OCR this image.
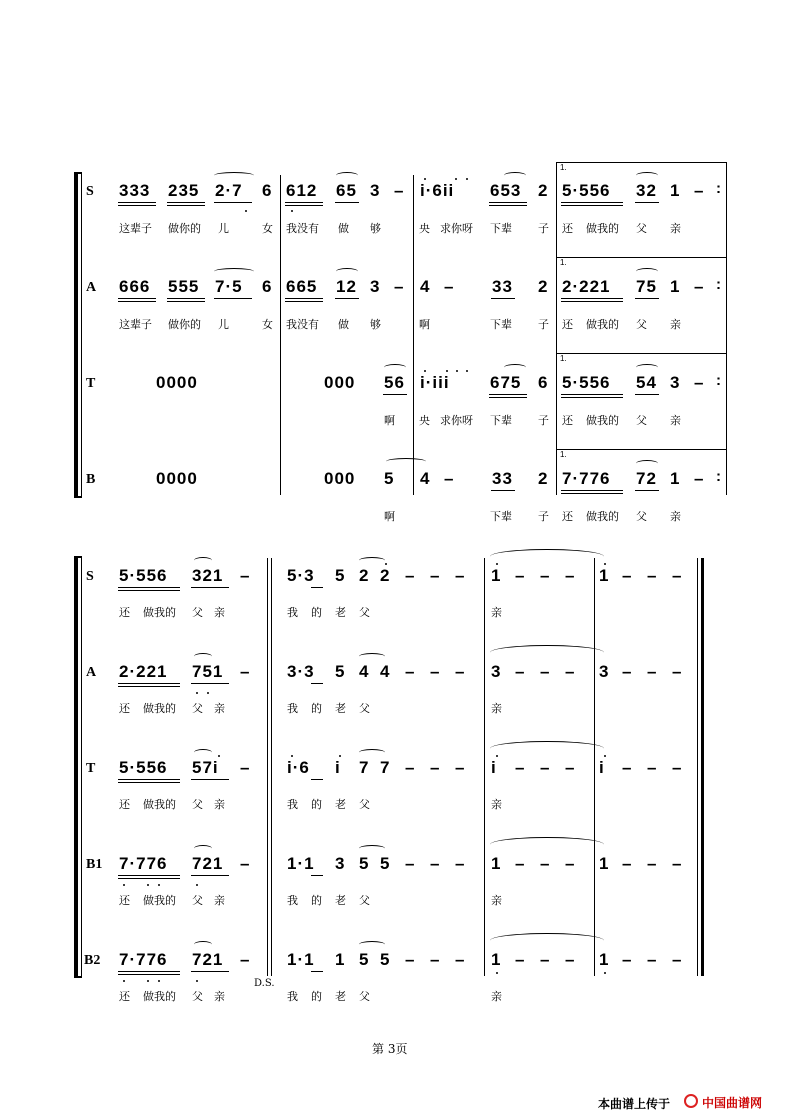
1.
1.
1.
1.
:
:
:
:
S 333 235 2·7 6 612 65 3 – i·6ii 653 2 5·556 32 1 –
这辈子 做你的 儿	女 我没有 做 够	央 求你呀 下辈 子 还 做我的 父 亲
A 666 555 7·5 6 665 12 3 – 4 – 33 2 2·221 75 1 –
这辈子 做你的 儿	女 我没有 做 够	啊	下辈 子 还 做我的 父 亲
T	0000	000 56 i·iii 675 6 5·556 54 3 –
啊 央 求你呀 下辈 子 还 做我的 父 亲
B	0000	000 5 4 – 33 2 7·776 72 1 –
啊	下辈 子 还 做我的 父 亲
S 5·556 321 – 5·3 5 2 2 – – – 1 – – – 1 – – –
还 做我的 父 亲	我 的 老 父	亲
A 2·221 751 – 3·3 5 4 4 – – – 3 – – – 3 – – –
还 做我的 父 亲	我 的 老 父	亲
T 5·556 57i – i·6 i 7 7 – – – i – – – i – – –
还 做我的 父 亲	我 的 老 父	亲
B1 7·776 721 – 1·1 3 5 5 – – – 1 – – – 1 – – –
还 做我的 父 亲	我 的 老 父	亲
B2 7·776 721 – 1·1 1 5 5 – – – 1 – – – 1 – – –
D.S.
还 做我的 父 亲	我 的 老 父	亲
第 3页
本曲谱上传于	中国曲谱网
